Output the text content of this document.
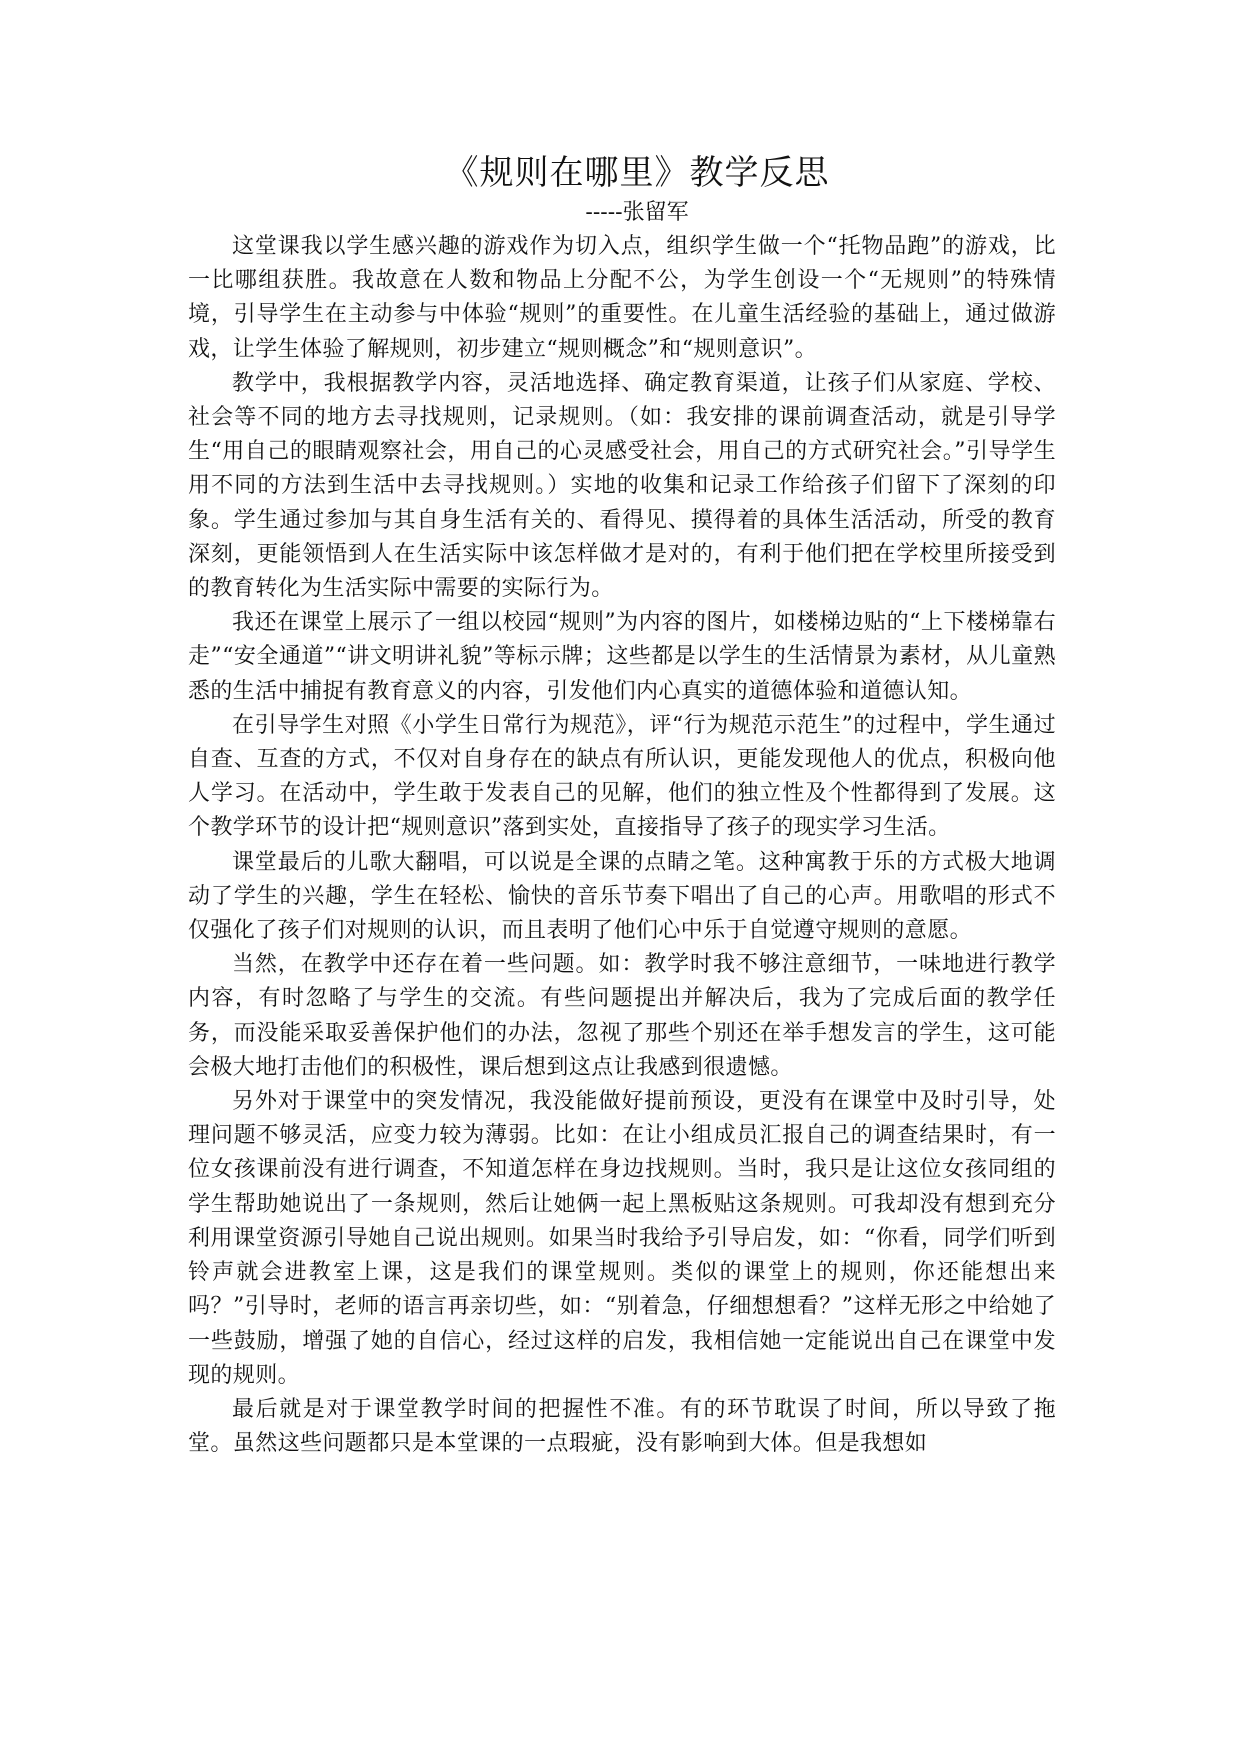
《规则在哪里》教学反思
-----张留军

这堂课我以学生感兴趣的游戏作为切入点，组织学生做一个“托物品跑”的游戏，比一比哪组获胜。我故意在人数和物品上分配不公，为学生创设一个“无规则”的特殊情境，引导学生在主动参与中体验“规则”的重要性。在儿童生活经验的基础上，通过做游戏，让学生体验了解规则，初步建立“规则概念”和“规则意识”。

教学中，我根据教学内容，灵活地选择、确定教育渠道，让孩子们从家庭、学校、社会等不同的地方去寻找规则，记录规则。（如：我安排的课前调查活动，就是引导学生“用自己的眼睛观察社会，用自己的心灵感受社会，用自己的方式研究社会。”引导学生用不同的方法到生活中去寻找规则。）实地的收集和记录工作给孩子们留下了深刻的印象。学生通过参加与其自身生活有关的、看得见、摸得着的具体生活活动，所受的教育深刻，更能领悟到人在生活实际中该怎样做才是对的，有利于他们把在学校里所接受到的教育转化为生活实际中需要的实际行为。

我还在课堂上展示了一组以校园“规则”为内容的图片，如楼梯边贴的“上下楼梯靠右走”“安全通道”“讲文明讲礼貌”等标示牌；这些都是以学生的生活情景为素材，从儿童熟悉的生活中捕捉有教育意义的内容，引发他们内心真实的道德体验和道德认知。

在引导学生对照《小学生日常行为规范》，评“行为规范示范生”的过程中，学生通过自查、互查的方式，不仅对自身存在的缺点有所认识，更能发现他人的优点，积极向他人学习。在活动中，学生敢于发表自己的见解，他们的独立性及个性都得到了发展。这个教学环节的设计把“规则意识”落到实处，直接指导了孩子的现实学习生活。

课堂最后的儿歌大翻唱，可以说是全课的点睛之笔。这种寓教于乐的方式极大地调动了学生的兴趣，学生在轻松、愉快的音乐节奏下唱出了自己的心声。用歌唱的形式不仅强化了孩子们对规则的认识，而且表明了他们心中乐于自觉遵守规则的意愿。

当然，在教学中还存在着一些问题。如：教学时我不够注意细节，一味地进行教学内容，有时忽略了与学生的交流。有些问题提出并解决后，我为了完成后面的教学任务，而没能采取妥善保护他们的办法，忽视了那些个别还在举手想发言的学生，这可能会极大地打击他们的积极性，课后想到这点让我感到很遗憾。

另外对于课堂中的突发情况，我没能做好提前预设，更没有在课堂中及时引导，处理问题不够灵活，应变力较为薄弱。比如：在让小组成员汇报自己的调查结果时，有一位女孩课前没有进行调查，不知道怎样在身边找规则。当时，我只是让这位女孩同组的学生帮助她说出了一条规则，然后让她俩一起上黑板贴这条规则。可我却没有想到充分利用课堂资源引导她自己说出规则。如果当时我给予引导启发，如：“你看，同学们听到铃声就会进教室上课，这是我们的课堂规则。类似的课堂上的规则，你还能想出来吗？”引导时，老师的语言再亲切些，如：“别着急，仔细想想看？”这样无形之中给她了一些鼓励，增强了她的自信心，经过这样的启发，我相信她一定能说出自己在课堂中发现的规则。

最后就是对于课堂教学时间的把握性不准。有的环节耽误了时间，所以导致了拖堂。虽然这些问题都只是本堂课的一点瑕疵，没有影响到大体。但是我想如
